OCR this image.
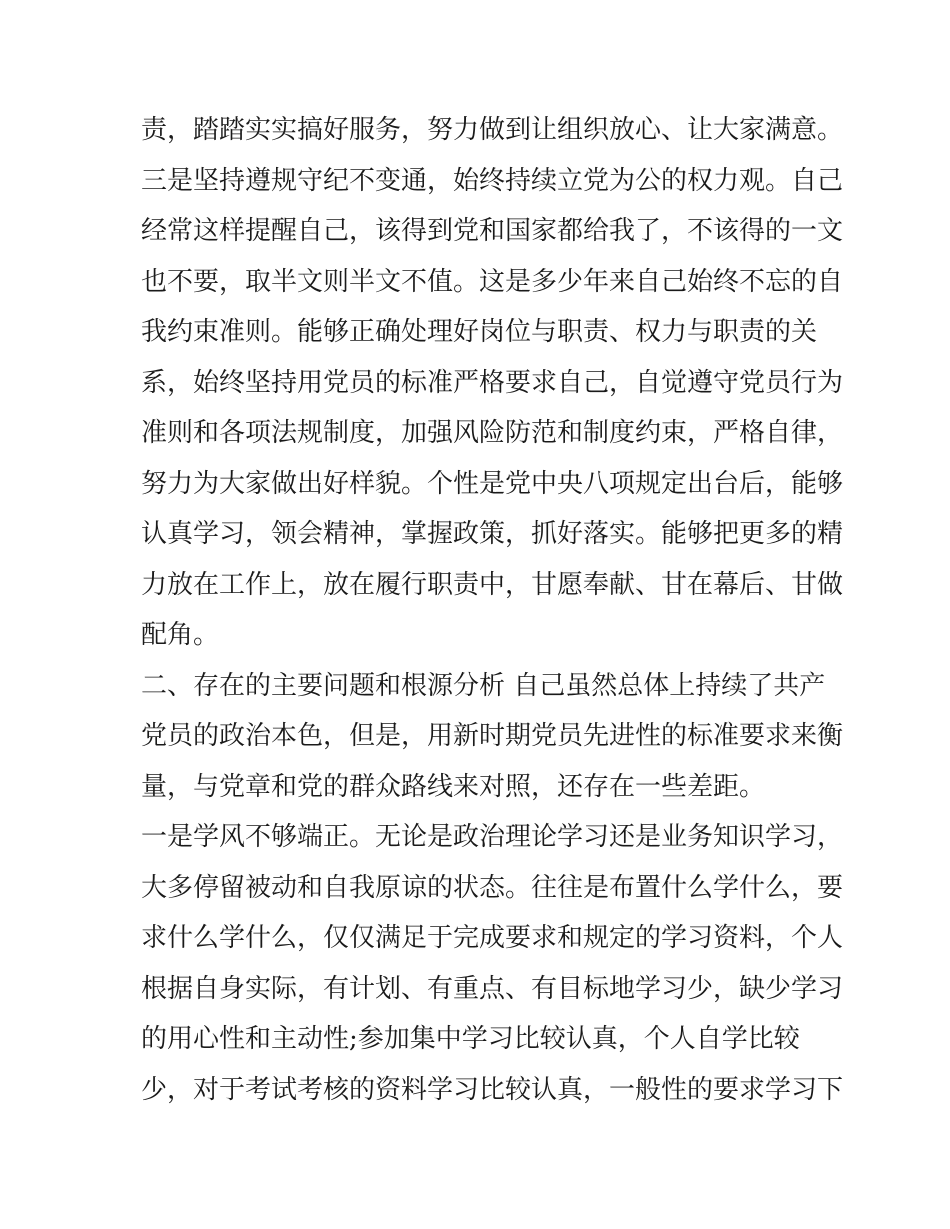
责，踏踏实实搞好服务，努力做到让组织放心、让大家满意。
三是坚持遵规守纪不变通，始终持续立党为公的权力观。自己
经常这样提醒自己，该得到党和国家都给我了，不该得的一文
也不要，取半文则半文不值。这是多少年来自己始终不忘的自
我约束准则。能够正确处理好岗位与职责、权力与职责的关
系，始终坚持用党员的标准严格要求自己，自觉遵守党员行为
准则和各项法规制度，加强风险防范和制度约束，严格自律，
努力为大家做出好样貌。个性是党中央八项规定出台后，能够
认真学习，领会精神，掌握政策，抓好落实。能够把更多的精
力放在工作上，放在履行职责中，甘愿奉献、甘在幕后、甘做
配角。
二、存在的主要问题和根源分析 自己虽然总体上持续了共产
党员的政治本色，但是，用新时期党员先进性的标准要求来衡
量，与党章和党的群众路线来对照，还存在一些差距。
一是学风不够端正。无论是政治理论学习还是业务知识学习，
大多停留被动和自我原谅的状态。往往是布置什么学什么，要
求什么学什么，仅仅满足于完成要求和规定的学习资料，个人
根据自身实际，有计划、有重点、有目标地学习少，缺少学习
的用心性和主动性;参加集中学习比较认真，个人自学比较
少，对于考试考核的资料学习比较认真，一般性的要求学习下
